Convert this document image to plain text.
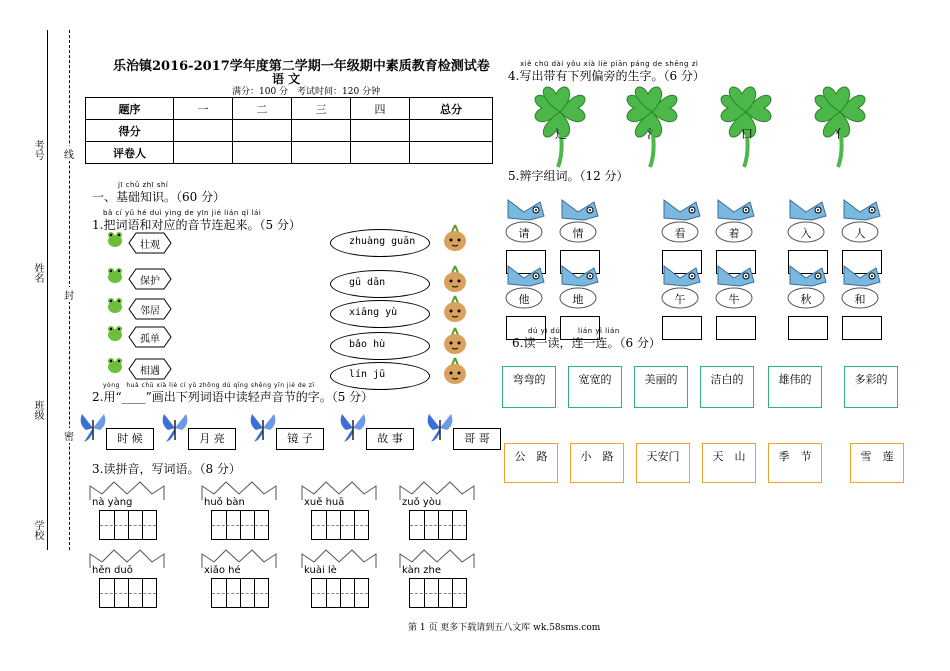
考号
姓名
班级
学校
线
封
密
乐治镇2016-2017学年度第二学期一年级期中素质教育检测试卷
语 文
满分：100 分　考试时间：120 分钟
题序	一	二	三	四	总分
得分					
评卷人					
jī chǔ zhī shí
一、基础知识。（60 分）
bǎ cí yǔ hé duì yìng de yīn jié lián qǐ lái
1.把词语和对应的音节连起来。（5 分）
yòng　huà chū xià liè cí yǔ zhōng dú qīng shēng yīn jié de zì
2.用“____”画出下列词语中读轻声音节的字。（5 分）
3.读拼音，写词语。（8 分）
xiě chū dài yǒu xià liè piān páng de shēng zì
4.写出带有下列偏旁的生字。（6 分）
5.辨字组词。（12 分）
dú yì dú	lián yì lián
6.读一读，连一连。（6 分）
第 1 页 更多下载请到五八文库 wk.58sms.com
壮观
保护
邻居
孤单
相遇
zhuàng guān
gū dān
xiāng yù
bǎo hù
lín jū
时 候	月 亮	镜 子	故 事	哥 哥
nà yàng	huǒ bàn	xuě huā	zuǒ yòu
hěn duō	xiǎo hé	kuài lè	kàn zhe
辶	氵	口	亻
请	情	看	着	入	人
他	地	午	牛	秋	和
弯弯的	宽宽的	美丽的	洁白的	雄伟的	多彩的
公　路	小　路	天安门	天　山	季　节	雪　莲
